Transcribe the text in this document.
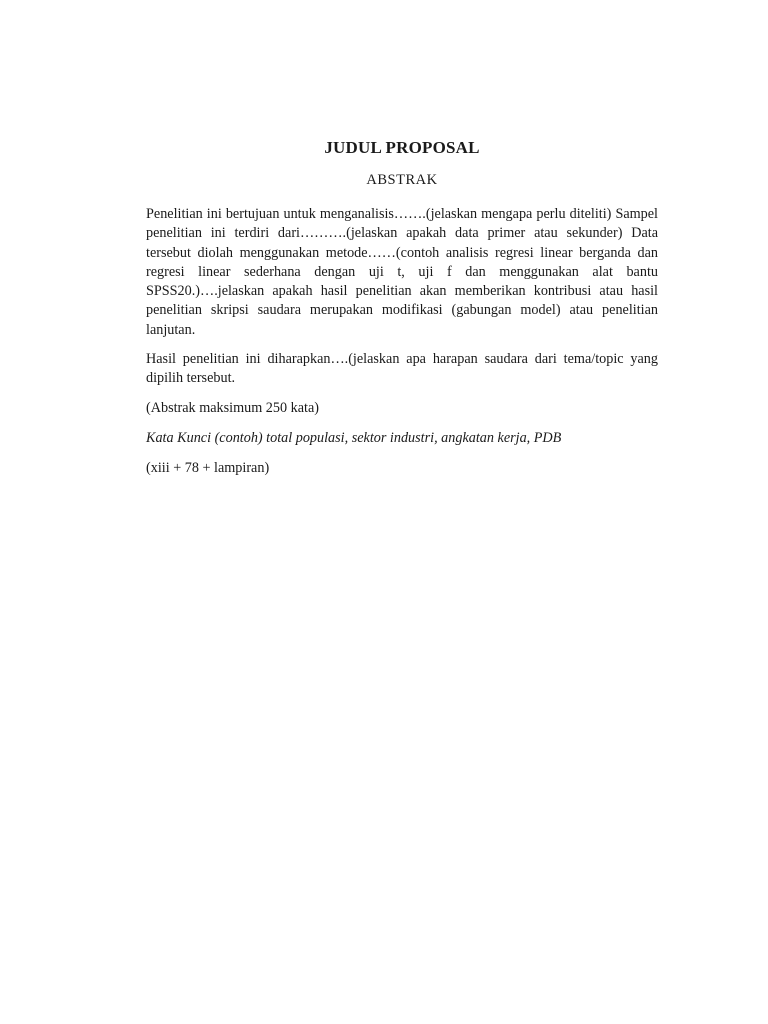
JUDUL PROPOSAL
ABSTRAK

Penelitian ini bertujuan untuk menganalisis…….(jelaskan mengapa perlu diteliti) Sampel penelitian ini terdiri dari……….(jelaskan apakah data primer atau sekunder) Data tersebut diolah menggunakan metode……(contoh analisis regresi linear berganda dan regresi linear sederhana dengan uji t, uji f dan menggunakan alat bantu SPSS20.)….jelaskan apakah hasil penelitian akan memberikan kontribusi atau hasil penelitian skripsi saudara merupakan modifikasi (gabungan model) atau penelitian lanjutan.

Hasil penelitian ini diharapkan….(jelaskan apa harapan saudara dari tema/topic yang dipilih tersebut.

(Abstrak maksimum 250 kata)

Kata Kunci (contoh) total populasi, sektor industri, angkatan kerja, PDB

(xiii + 78 + lampiran)
